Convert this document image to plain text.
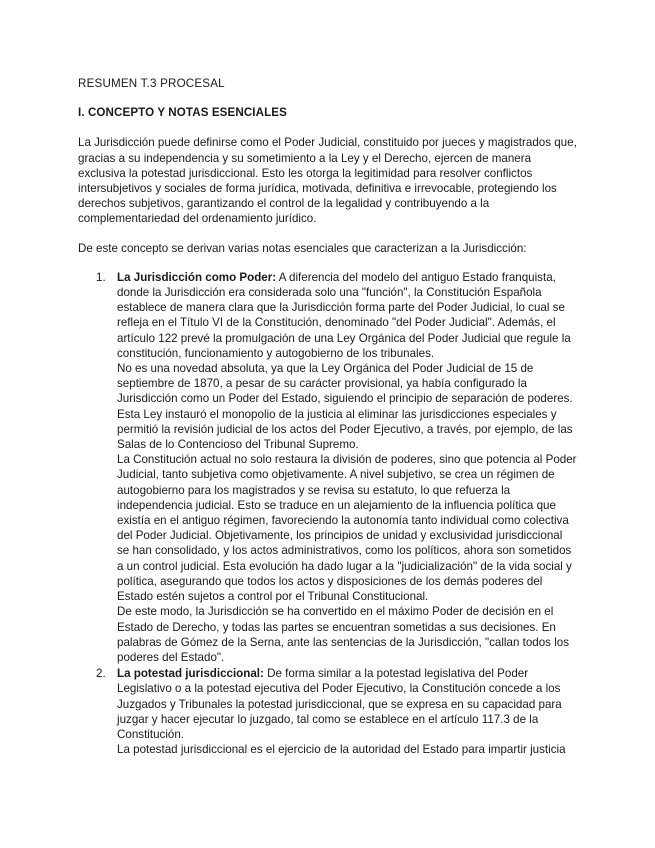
RESUMEN T.3 PROCESAL
I. CONCEPTO Y NOTAS ESENCIALES

La Jurisdicción puede definirse como el Poder Judicial, constituido por jueces y magistrados que, gracias a su independencia y su sometimiento a la Ley y el Derecho, ejercen de manera exclusiva la potestad jurisdiccional. Esto les otorga la legitimidad para resolver conflictos intersubjetivos y sociales de forma jurídica, motivada, definitiva e irrevocable, protegiendo los derechos subjetivos, garantizando el control de la legalidad y contribuyendo a la complementariedad del ordenamiento jurídico.

De este concepto se derivan varias notas esenciales que caracterizan a la Jurisdicción:

1. La Jurisdicción como Poder: A diferencia del modelo del antiguo Estado franquista, donde la Jurisdicción era considerada solo una "función", la Constitución Española establece de manera clara que la Jurisdicción forma parte del Poder Judicial, lo cual se refleja en el Título VI de la Constitución, denominado "del Poder Judicial". Además, el artículo 122 prevé la promulgación de una Ley Orgánica del Poder Judicial que regule la constitución, funcionamiento y autogobierno de los tribunales.
No es una novedad absoluta, ya que la Ley Orgánica del Poder Judicial de 15 de septiembre de 1870, a pesar de su carácter provisional, ya había configurado la Jurisdicción como un Poder del Estado, siguiendo el principio de separación de poderes. Esta Ley instauró el monopolio de la justicia al eliminar las jurisdicciones especiales y permitió la revisión judicial de los actos del Poder Ejecutivo, a través, por ejemplo, de las Salas de lo Contencioso del Tribunal Supremo.
La Constitución actual no solo restaura la división de poderes, sino que potencia al Poder Judicial, tanto subjetiva como objetivamente. A nivel subjetivo, se crea un régimen de autogobierno para los magistrados y se revisa su estatuto, lo que refuerza la independencia judicial. Esto se traduce en un alejamiento de la influencia política que existía en el antiguo régimen, favoreciendo la autonomía tanto individual como colectiva del Poder Judicial. Objetivamente, los principios de unidad y exclusividad jurisdiccional se han consolidado, y los actos administrativos, como los políticos, ahora son sometidos a un control judicial. Esta evolución ha dado lugar a la "judicialización" de la vida social y política, asegurando que todos los actos y disposiciones de los demás poderes del Estado estén sujetos a control por el Tribunal Constitucional.
De este modo, la Jurisdicción se ha convertido en el máximo Poder de decisión en el Estado de Derecho, y todas las partes se encuentran sometidas a sus decisiones. En palabras de Gómez de la Serna, ante las sentencias de la Jurisdicción, "callan todos los poderes del Estado".
2. La potestad jurisdiccional: De forma similar a la potestad legislativa del Poder Legislativo o a la potestad ejecutiva del Poder Ejecutivo, la Constitución concede a los Juzgados y Tribunales la potestad jurisdiccional, que se expresa en su capacidad para juzgar y hacer ejecutar lo juzgado, tal como se establece en el artículo 117.3 de la Constitución.
La potestad jurisdiccional es el ejercicio de la autoridad del Estado para impartir justicia
